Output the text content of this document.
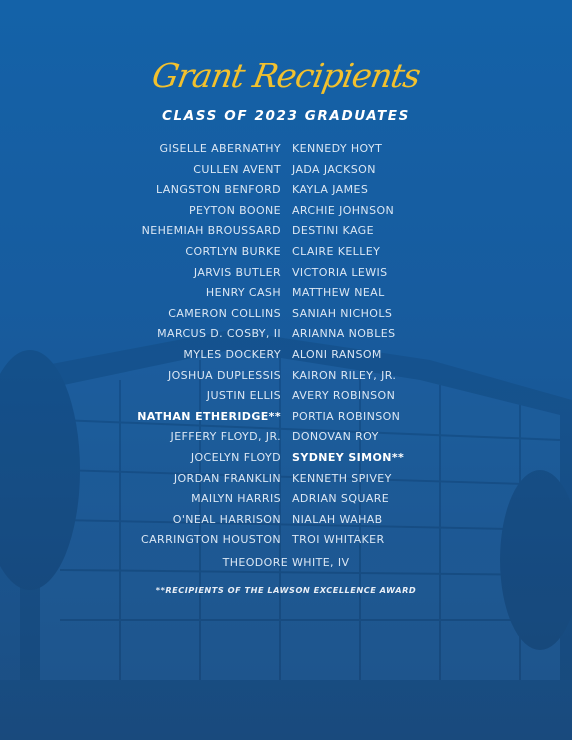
Grant Recipients
CLASS OF 2023 GRADUATES
GISELLE ABERNATHY KENNEDY HOYT
CULLEN AVENT JADA JACKSON
LANGSTON BENFORD KAYLA JAMES
PEYTON BOONE ARCHIE JOHNSON
NEHEMIAH BROUSSARD DESTINI KAGE
CORTLYN BURKE CLAIRE KELLEY
JARVIS BUTLER VICTORIA LEWIS
HENRY CASH MATTHEW NEAL
CAMERON COLLINS SANIAH NICHOLS
MARCUS D. COSBY, II ARIANNA NOBLES
MYLES DOCKERY ALONI RANSOM
JOSHUA DUPLESSIS KAIRON RILEY, JR.
JUSTIN ELLIS AVERY ROBINSON
NATHAN ETHERIDGE** PORTIA ROBINSON
JEFFERY FLOYD, JR. DONOVAN ROY
JOCELYN FLOYD SYDNEY SIMON**
JORDAN FRANKLIN KENNETH SPIVEY
MAILYN HARRIS ADRIAN SQUARE
O'NEAL HARRISON NIALAH WAHAB
CARRINGTON HOUSTON TROI WHITAKER
THEODORE WHITE, IV
**RECIPIENTS OF THE LAWSON EXCELLENCE AWARD
